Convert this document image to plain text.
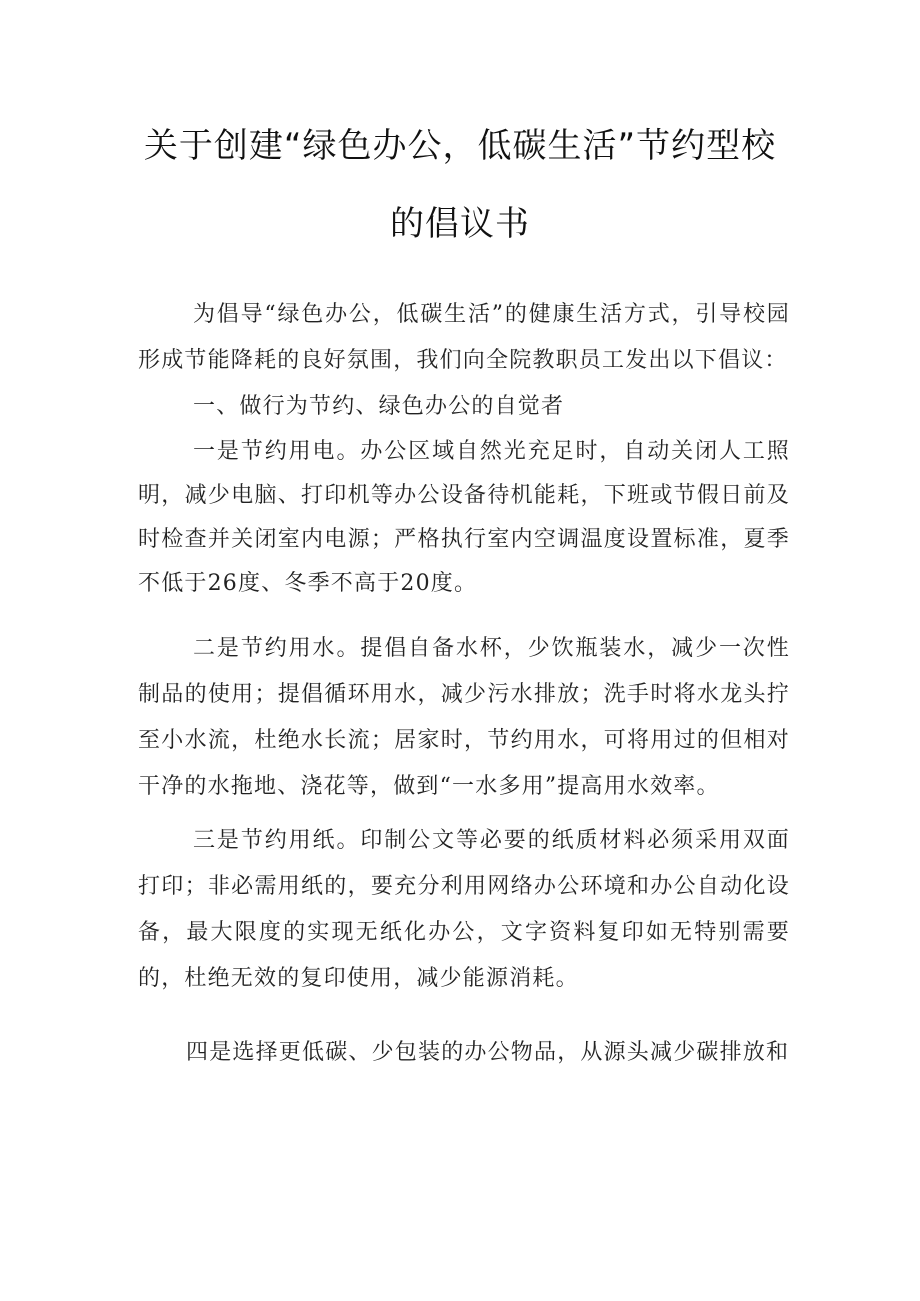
关于创建“绿色办公，低碳生活”节约型校
的倡议书

为倡导“绿色办公，低碳生活”的健康生活方式，引导校园形成节能降耗的良好氛围，我们向全院教职员工发出以下倡议：

一、做行为节约、绿色办公的自觉者

一是节约用电。办公区域自然光充足时，自动关闭人工照明，减少电脑、打印机等办公设备待机能耗，下班或节假日前及时检查并关闭室内电源；严格执行室内空调温度设置标准，夏季不低于26度、冬季不高于20度。

二是节约用水。提倡自备水杯，少饮瓶装水，减少一次性制品的使用；提倡循环用水，减少污水排放；洗手时将水龙头拧至小水流，杜绝水长流；居家时，节约用水，可将用过的但相对干净的水拖地、浇花等，做到“一水多用”提高用水效率。

三是节约用纸。印制公文等必要的纸质材料必须采用双面打印；非必需用纸的，要充分利用网络办公环境和办公自动化设备，最大限度的实现无纸化办公，文字资料复印如无特别需要的，杜绝无效的复印使用，减少能源消耗。

四是选择更低碳、少包装的办公物品，从源头减少碳排放和
